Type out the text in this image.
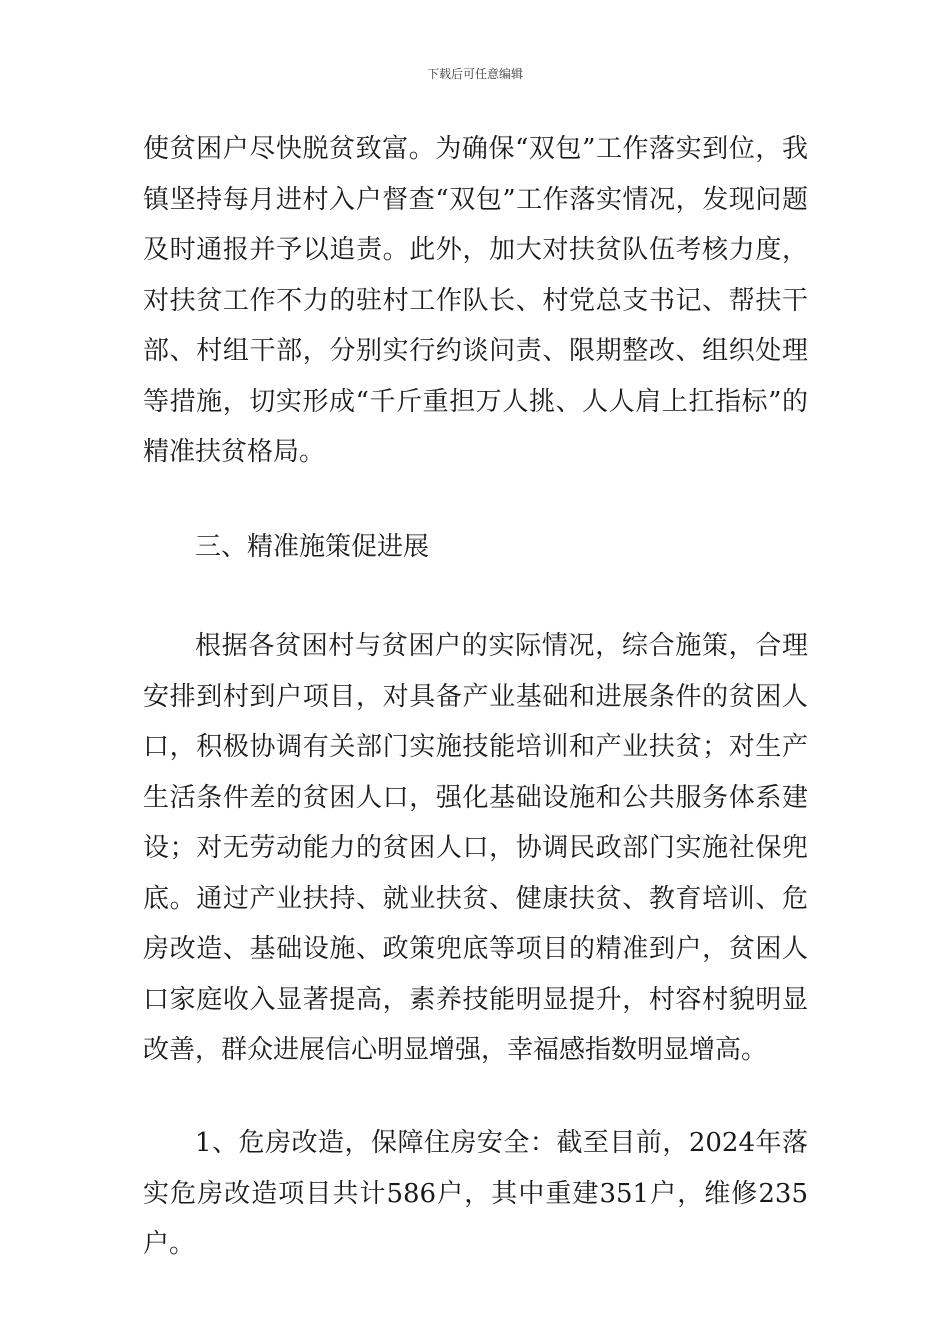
下载后可任意编辑

使贫困户尽快脱贫致富。为确保“双包”工作落实到位，我镇坚持每月进村入户督查“双包”工作落实情况，发现问题及时通报并予以追责。此外，加大对扶贫队伍考核力度，对扶贫工作不力的驻村工作队长、村党总支书记、帮扶干部、村组干部，分别实行约谈问责、限期整改、组织处理等措施，切实形成“千斤重担万人挑、人人肩上扛指标”的精准扶贫格局。

三、精准施策促进展

根据各贫困村与贫困户的实际情况，综合施策，合理安排到村到户项目，对具备产业基础和进展条件的贫困人口，积极协调有关部门实施技能培训和产业扶贫；对生产生活条件差的贫困人口，强化基础设施和公共服务体系建设；对无劳动能力的贫困人口，协调民政部门实施社保兜底。通过产业扶持、就业扶贫、健康扶贫、教育培训、危房改造、基础设施、政策兜底等项目的精准到户，贫困人口家庭收入显著提高，素养技能明显提升，村容村貌明显改善，群众进展信心明显增强，幸福感指数明显增高。

1、危房改造，保障住房安全：截至目前，2024年落实危房改造项目共计586户，其中重建351户，维修235户。
